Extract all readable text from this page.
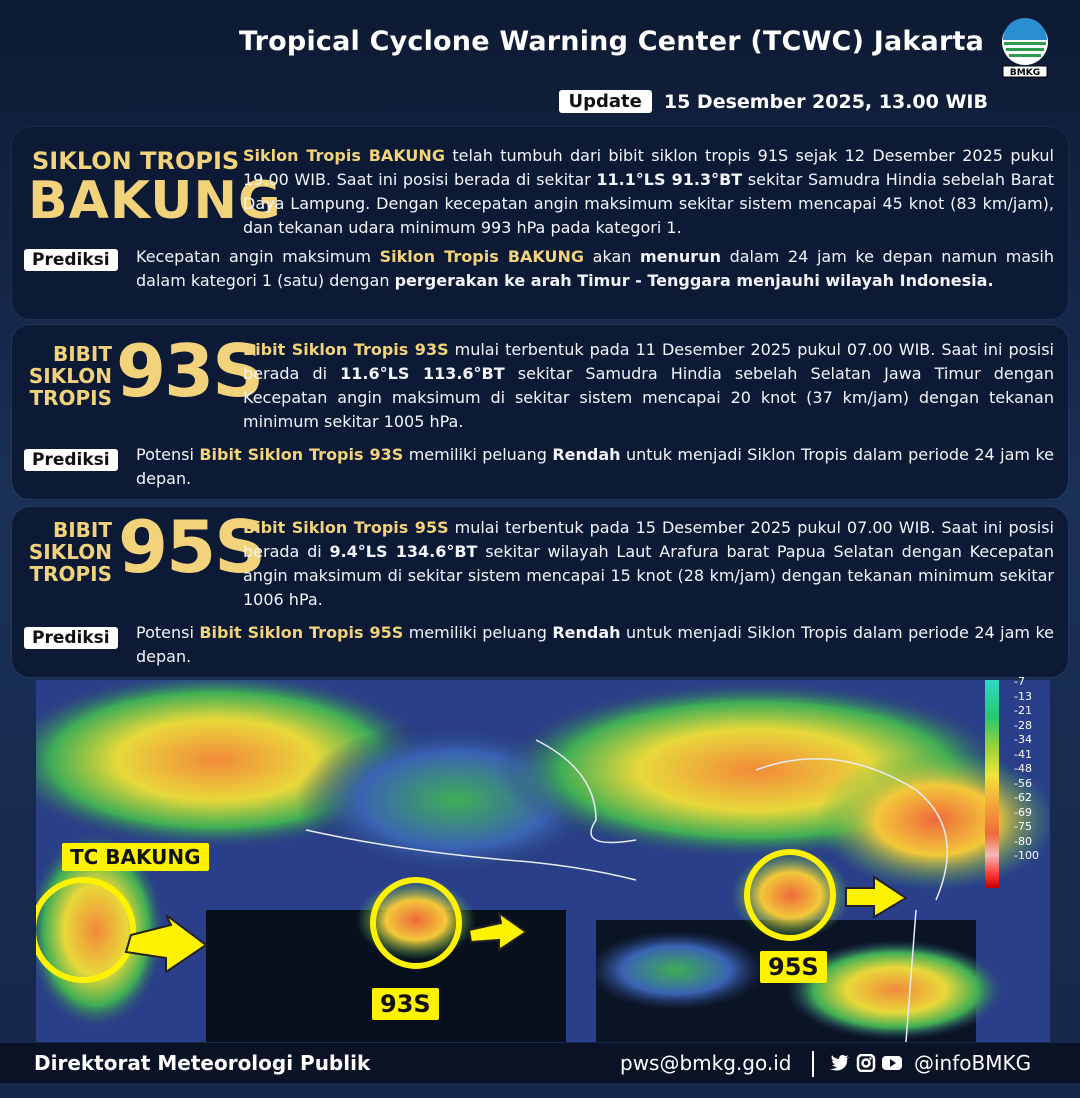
Tropical Cyclone Warning Center (TCWC) Jakarta
BMKG
Update	15 Desember 2025, 13.00 WIB
SIKLON TROPIS
BAKUNG
Siklon Tropis BAKUNG telah tumbuh dari bibit siklon tropis 91S sejak 12 Desember 2025 pukul 19.00 WIB. Saat ini posisi berada di sekitar 11.1°LS 91.3°BT sekitar Samudra Hindia sebelah Barat Daya Lampung. Dengan kecepatan angin maksimum sekitar sistem mencapai 45 knot (83 km/jam), dan tekanan udara minimum 993 hPa pada kategori 1.
Prediksi	Kecepatan angin maksimum Siklon Tropis BAKUNG akan menurun dalam 24 jam ke depan namun masih dalam kategori 1 (satu) dengan pergerakan ke arah Timur - Tenggara menjauhi wilayah Indonesia.
BIBIT
SIKLON
TROPIS 93S
Bibit Siklon Tropis 93S mulai terbentuk pada 11 Desember 2025 pukul 07.00 WIB. Saat ini posisi berada di 11.6°LS 113.6°BT sekitar Samudra Hindia sebelah Selatan Jawa Timur dengan Kecepatan angin maksimum di sekitar sistem mencapai 20 knot (37 km/jam) dengan tekanan minimum sekitar 1005 hPa.
Prediksi	Potensi Bibit Siklon Tropis 93S memiliki peluang Rendah untuk menjadi Siklon Tropis dalam periode 24 jam ke depan.
BIBIT
SIKLON
TROPIS 95S
Bibit Siklon Tropis 95S mulai terbentuk pada 15 Desember 2025 pukul 07.00 WIB. Saat ini posisi berada di 9.4°LS 134.6°BT sekitar wilayah Laut Arafura barat Papua Selatan dengan Kecepatan angin maksimum di sekitar sistem mencapai 15 knot (28 km/jam) dengan tekanan minimum sekitar 1006 hPa.
Prediksi	Potensi Bibit Siklon Tropis 95S memiliki peluang Rendah untuk menjadi Siklon Tropis dalam periode 24 jam ke depan.
-7
-13
-21
-28
-34
-41
-48
-56
-62
-69
-75
-80
-100
TC BAKUNG
93S
95S
Direktorat Meteorologi Publik	pws@bmkg.go.id	@infoBMKG
